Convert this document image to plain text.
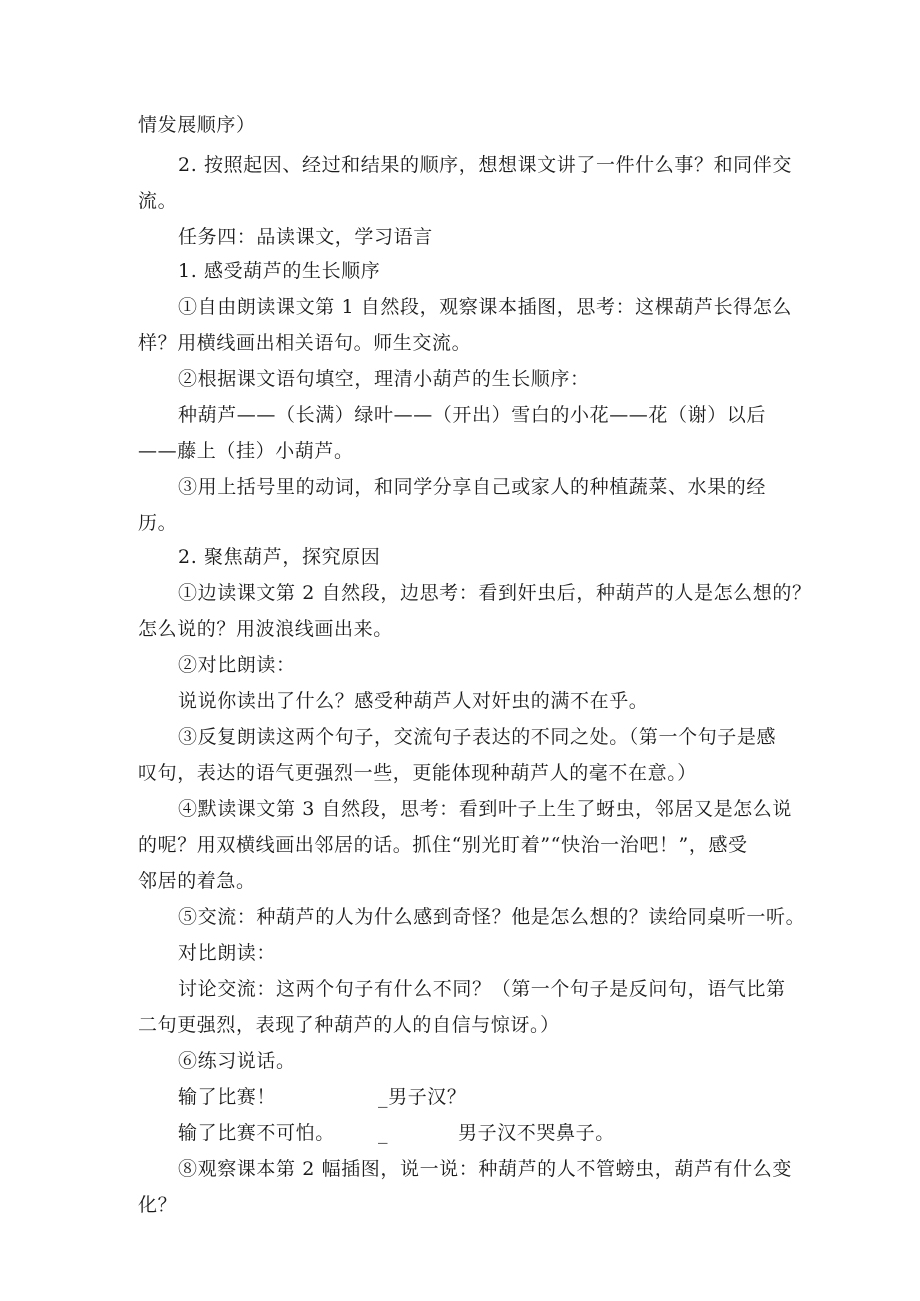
情发展顺序）
2. 按照起因、经过和结果的顺序，想想课文讲了一件什么事？和同伴交
流。
任务四：品读课文，学习语言
1. 感受葫芦的生长顺序
①自由朗读课文第 1 自然段，观察课本插图，思考：这棵葫芦长得怎么
样？用横线画出相关语句。师生交流。
②根据课文语句填空，理清小葫芦的生长顺序：
种葫芦——（长满）绿叶——（开出）雪白的小花——花（谢）以后
——藤上（挂）小葫芦。
③用上括号里的动词，和同学分享自己或家人的种植蔬菜、水果的经
历。
2. 聚焦葫芦，探究原因
①边读课文第 2 自然段，边思考：看到奸虫后，种葫芦的人是怎么想的？
怎么说的？用波浪线画出来。
②对比朗读：
说说你读出了什么？感受种葫芦人对奸虫的满不在乎。
③反复朗读这两个句子，交流句子表达的不同之处。（第一个句子是感
叹句，表达的语气更强烈一些，更能体现种葫芦人的毫不在意。）
④默读课文第 3 自然段，思考：看到叶子上生了蚜虫，邻居又是怎么说
的呢？用双横线画出邻居的话。抓住“别光盯着”“快治一治吧！”，感受
邻居的着急。
⑤交流：种葫芦的人为什么感到奇怪？他是怎么想的？读给同桌听一听。
对比朗读：
讨论交流：这两个句子有什么不同？（第一个句子是反问句，语气比第
二句更强烈，表现了种葫芦的人的自信与惊讶。）
⑥练习说话。
输了比赛！	_男子汉？
输了比赛不可怕。 _	男子汉不哭鼻子。
⑧观察课本第 2 幅插图，说一说：种葫芦的人不管螃虫，葫芦有什么变
化？
